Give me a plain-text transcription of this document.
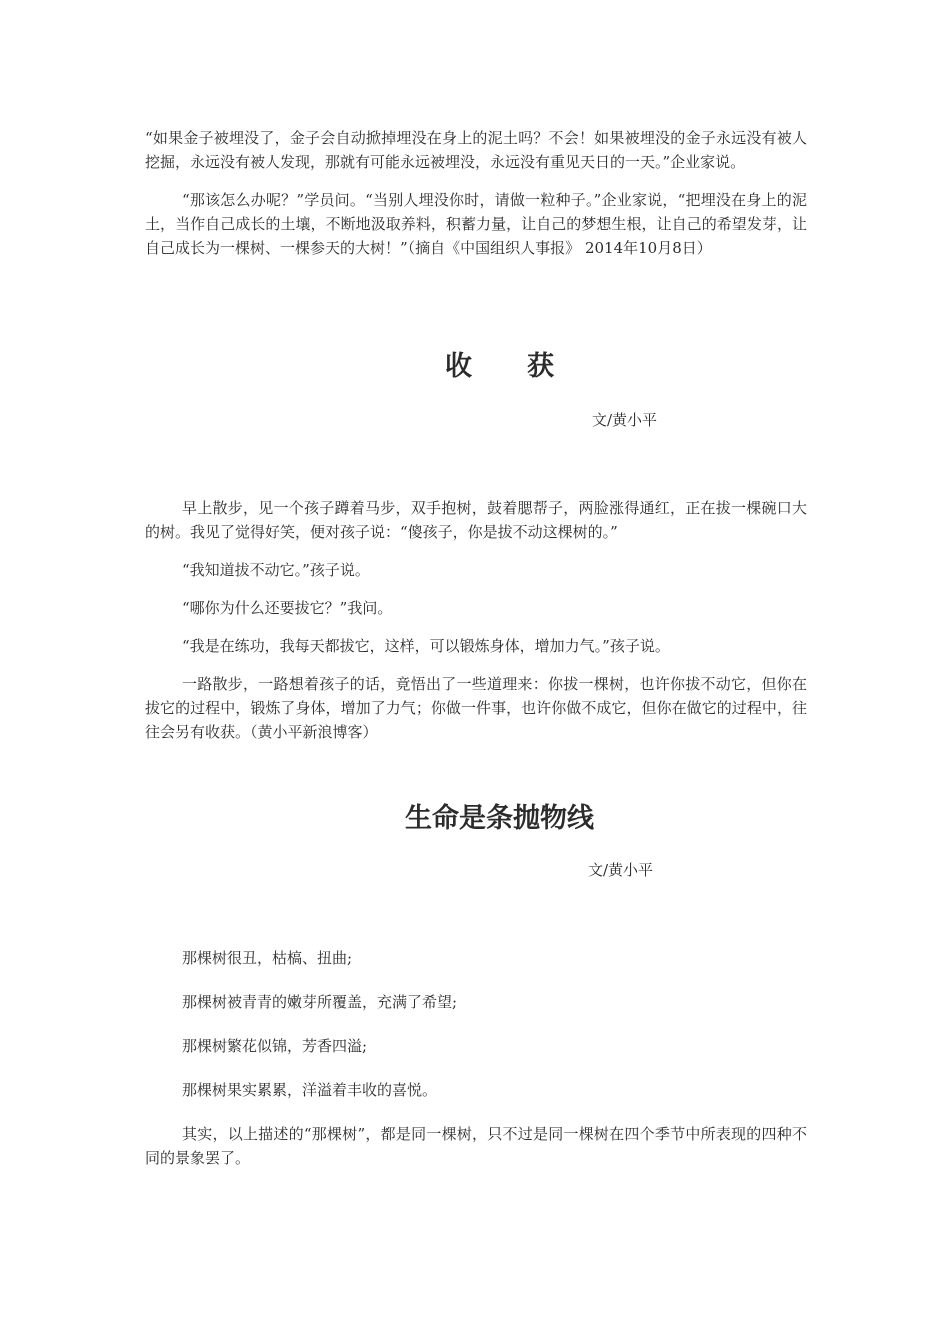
“如果金子被埋没了，金子会自动掀掉埋没在身上的泥土吗？不会！如果被埋没的金子永远没有被人挖掘，永远没有被人发现，那就有可能永远被埋没，永远没有重见天日的一天。”企业家说。

“那该怎么办呢？”学员问。“当别人埋没你时，请做一粒种子。”企业家说，“把埋没在身上的泥土，当作自己成长的土壤，不断地汲取养料，积蓄力量，让自己的梦想生根，让自己的希望发芽，让自己成长为一棵树、一棵参天的大树！”（摘自《中国组织人事报》 2014年10月8日）

收 获
文/黄小平

早上散步，见一个孩子蹲着马步，双手抱树，鼓着腮帮子，两脸涨得通红，正在拔一棵碗口大的树。我见了觉得好笑，便对孩子说：“傻孩子，你是拔不动这棵树的。”

“我知道拔不动它。”孩子说。

“哪你为什么还要拔它？”我问。

“我是在练功，我每天都拔它，这样，可以锻炼身体，增加力气。”孩子说。

一路散步，一路想着孩子的话，竟悟出了一些道理来：你拔一棵树，也许你拔不动它，但你在拔它的过程中，锻炼了身体，增加了力气；你做一件事，也许你做不成它，但你在做它的过程中，往往会另有收获。（黄小平新浪博客）

生命是条抛物线
文/黄小平

那棵树很丑，枯槁、扭曲;

那棵树被青青的嫩芽所覆盖，充满了希望;

那棵树繁花似锦，芳香四溢;

那棵树果实累累，洋溢着丰收的喜悦。

其实，以上描述的“那棵树”，都是同一棵树，只不过是同一棵树在四个季节中所表现的四种不同的景象罢了。
